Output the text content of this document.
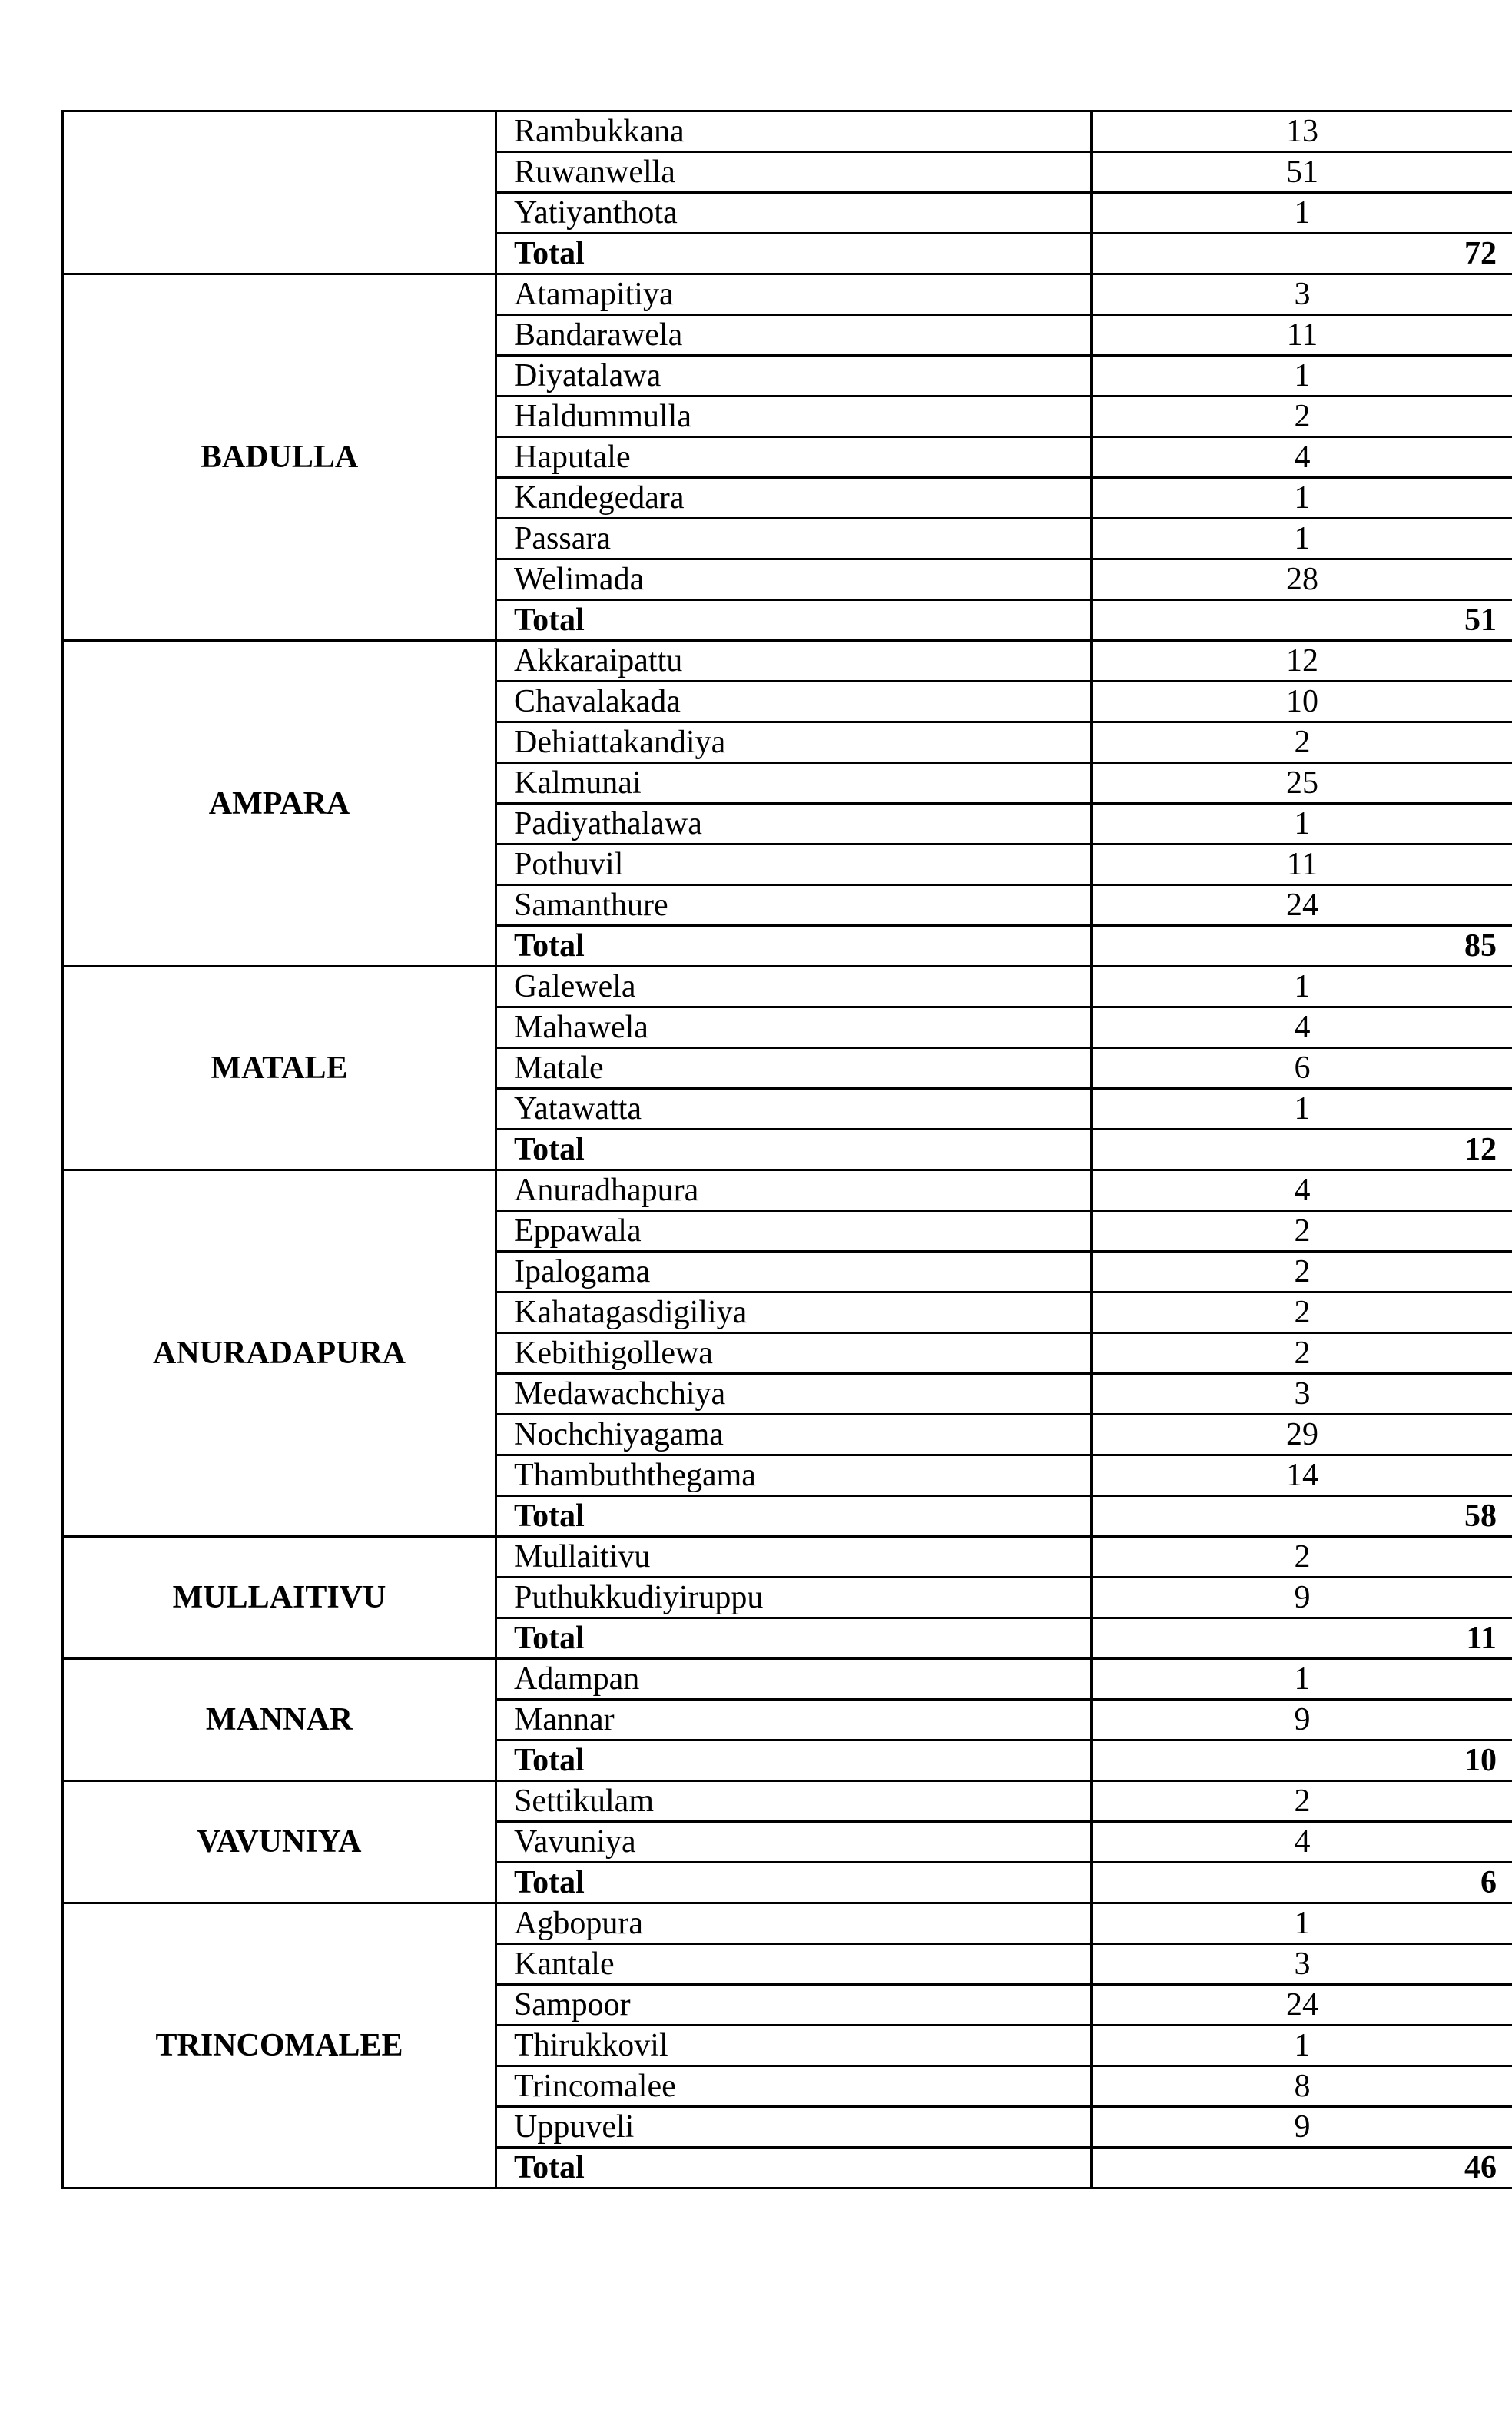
	Rambukkana	13
	Ruwanwella	51
	Yatiyanthota	1
	Total	72
BADULLA	Atamapitiya	3
	Bandarawela	11
	Diyatalawa	1
	Haldummulla	2
	Haputale	4
	Kandegedara	1
	Passara	1
	Welimada	28
	Total	51
AMPARA	Akkaraipattu	12
	Chavalakada	10
	Dehiattakandiya	2
	Kalmunai	25
	Padiyathalawa	1
	Pothuvil	11
	Samanthure	24
	Total	85
MATALE	Galewela	1
	Mahawela	4
	Matale	6
	Yatawatta	1
	Total	12
ANURADAPURA	Anuradhapura	4
	Eppawala	2
	Ipalogama	2
	Kahatagasdigiliya	2
	Kebithigollewa	2
	Medawachchiya	3
	Nochchiyagama	29
	Thambuththegama	14
	Total	58
MULLAITIVU	Mullaitivu	2
	Puthukkudiyiruppu	9
	Total	11
MANNAR	Adampan	1
	Mannar	9
	Total	10
VAVUNIYA	Settikulam	2
	Vavuniya	4
	Total	6
TRINCOMALEE	Agbopura	1
	Kantale	3
	Sampoor	24
	Thirukkovil	1
	Trincomalee	8
	Uppuveli	9
	Total	46
